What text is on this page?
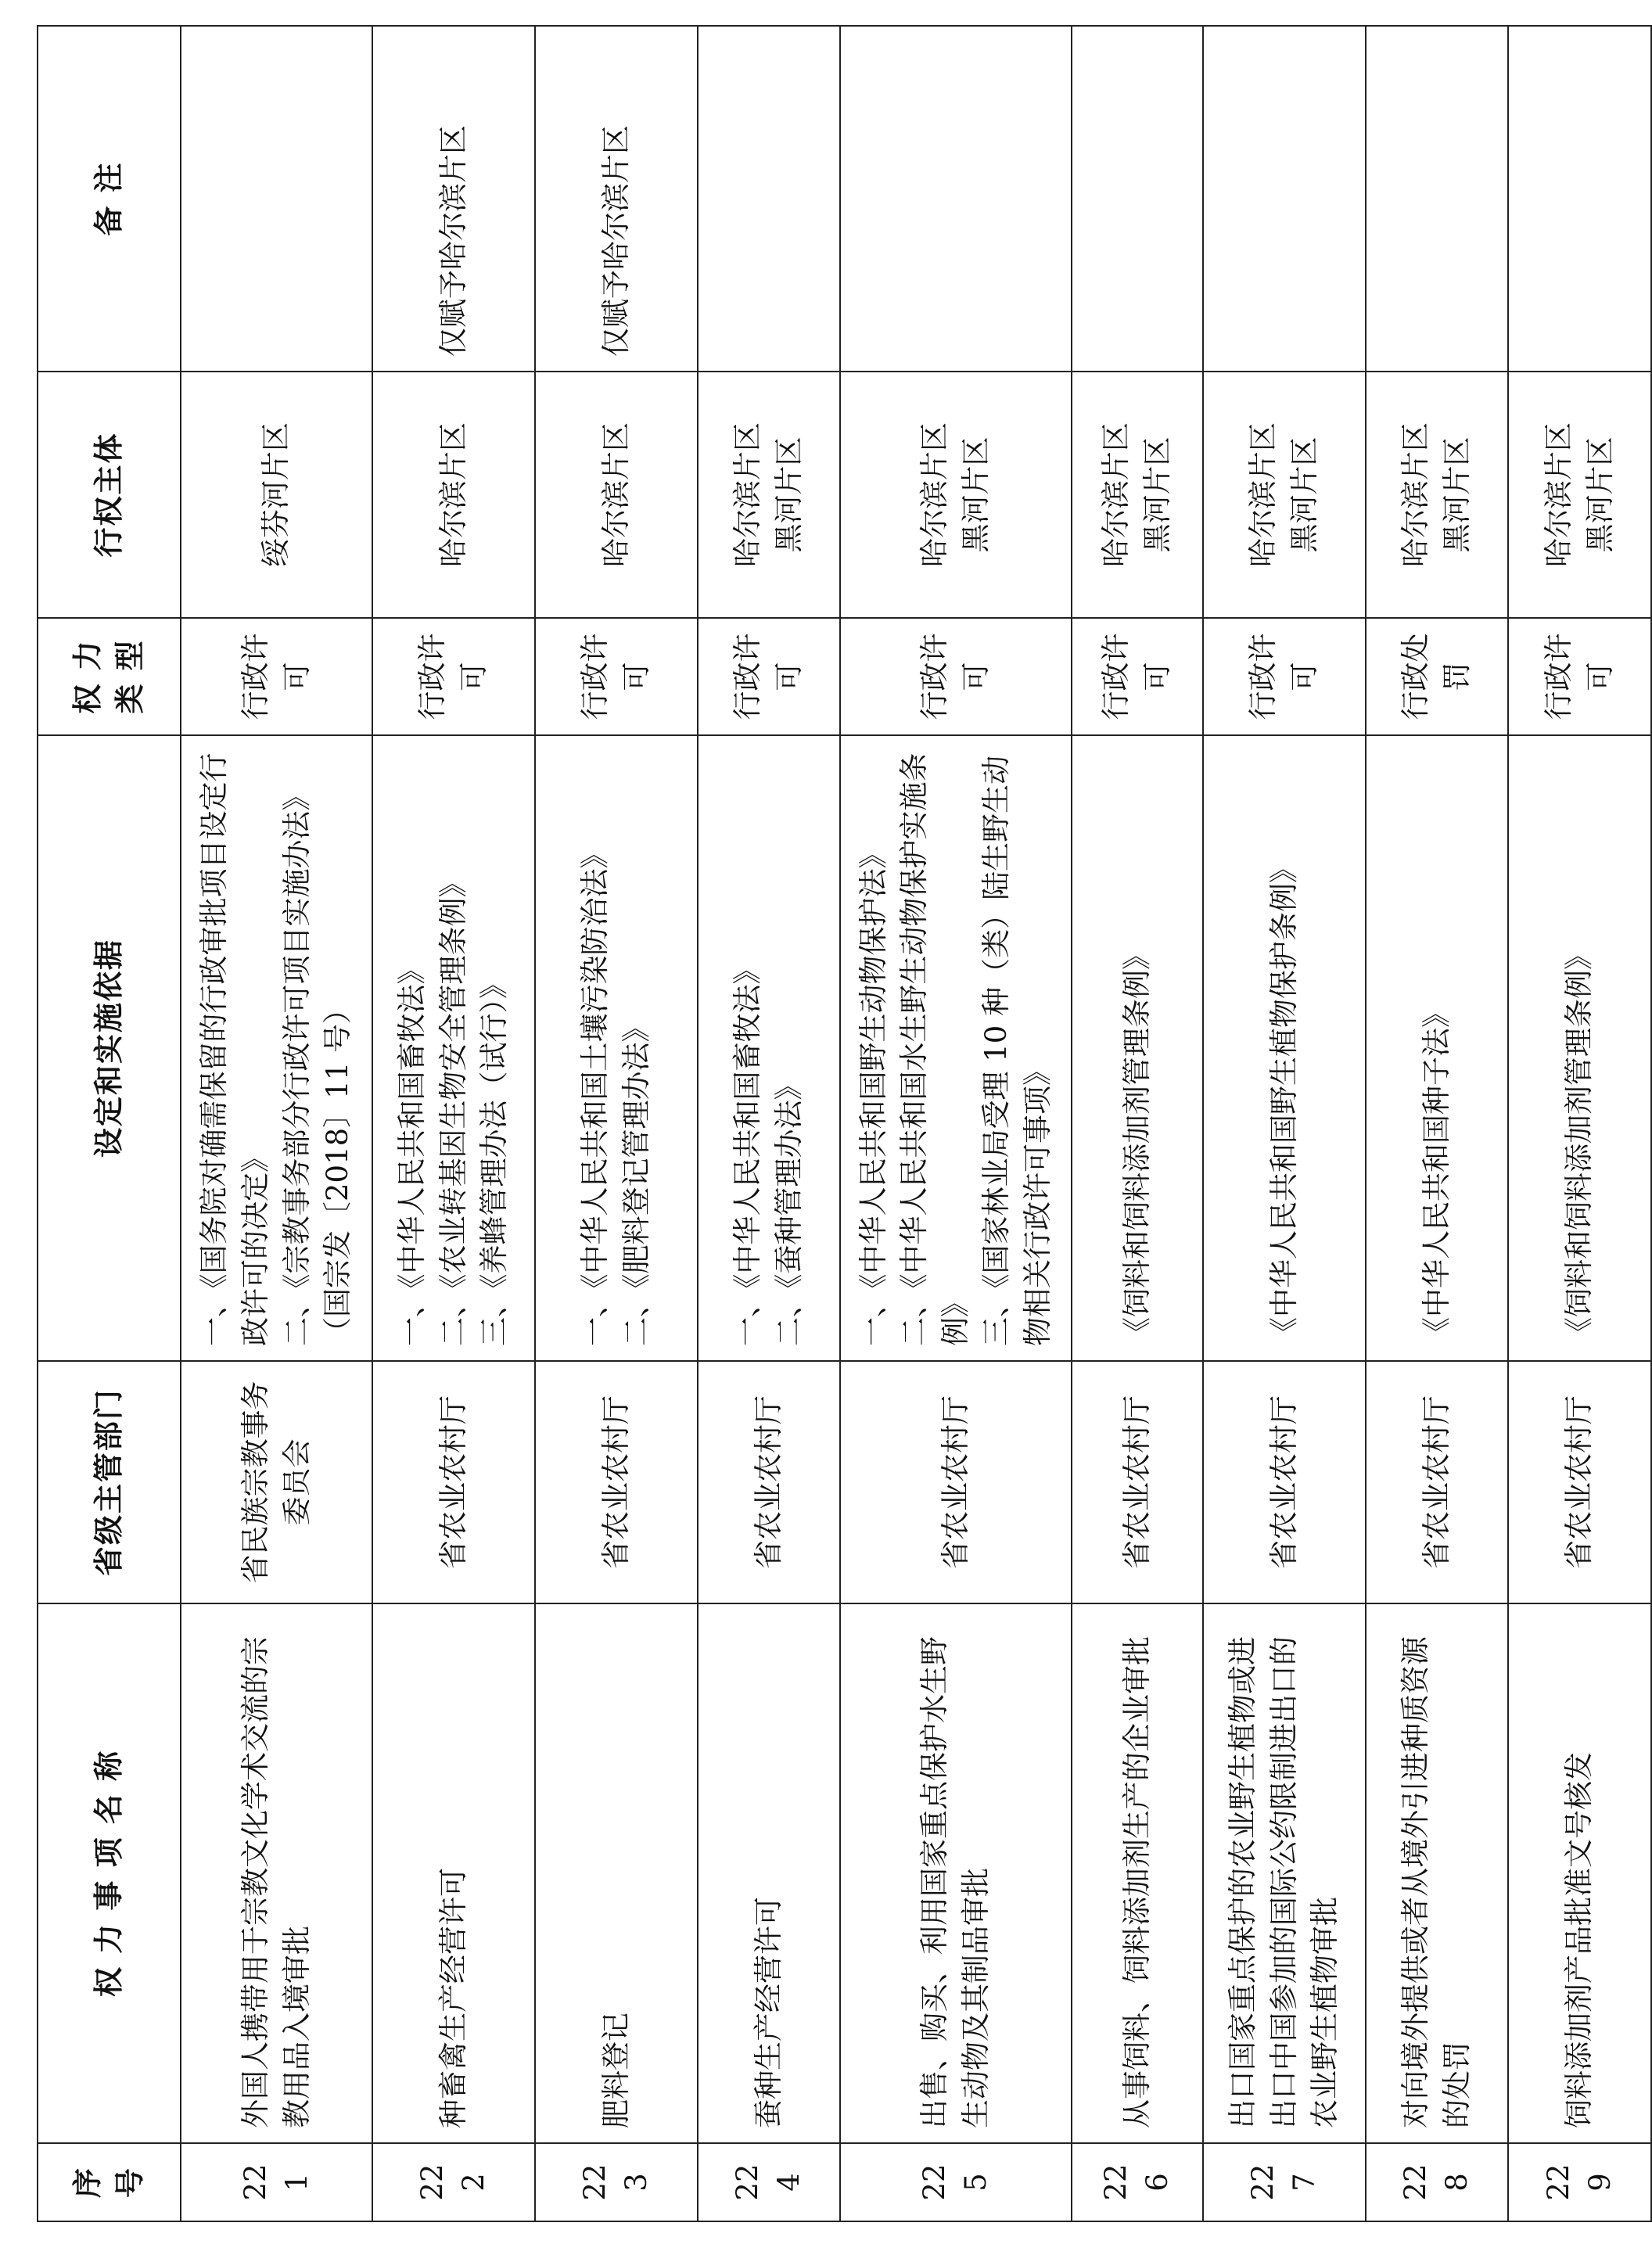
序 号	权 力 事 项 名 称	省级主管部门	设定和实施依据	权 力 类 型	行权主体	备 注
221	外国人携带用于宗教文化学术交流的宗教用品入境审批	省民族宗教事务委员会	一、《国务院对确需保留的行政审批项目设定行政许可的决定》 二、《宗教事务部分行政许可项目实施办法》（国宗发〔2018〕11 号）	行政许可	绥芬河片区	

222	种畜禽生产经营许可	省农业农村厅	一、《中华人民共和国畜牧法》 二、《农业转基因生物安全管理条例》 三、《养蜂管理办法（试行）》	行政许可	哈尔滨片区	仅赋予哈尔滨片区
223	肥料登记	省农业农村厅	一、《中华人民共和国土壤污染防治法》 二、《肥料登记管理办法》	行政许可	哈尔滨片区	仅赋予哈尔滨片区
224	蚕种生产经营许可	省农业农村厅	一、《中华人民共和国畜牧法》 二、《蚕种管理办法》	行政许可	哈尔滨片区 黑河片区	

225	出售、购买、利用国家重点保护水生野生动物及其制品审批	省农业农村厅	一、《中华人民共和国野生动物保护法》 二、《中华人民共和国水生野生动物保护实施条例》 三、《国家林业局受理 10 种（类）陆生野生动物相关行政许可事项》	行政许可	哈尔滨片区 黑河片区	

226	从事饲料、饲料添加剂生产的企业审批	省农业农村厅	《饲料和饲料添加剂管理条例》	行政许可	哈尔滨片区 黑河片区	

227	出口国家重点保护的农业野生植物或进出口中国参加的国际公约限制进出口的农业野生植物审批	省农业农村厅	《中华人民共和国野生植物保护条例》	行政许可	哈尔滨片区 黑河片区	

228	对向境外提供或者从境外引进种质资源的处罚	省农业农村厅	《中华人民共和国种子法》	行政处罚	哈尔滨片区 黑河片区	

229	饲料添加剂产品批准文号核发	省农业农村厅	《饲料和饲料添加剂管理条例》	行政许可	哈尔滨片区 黑河片区	
